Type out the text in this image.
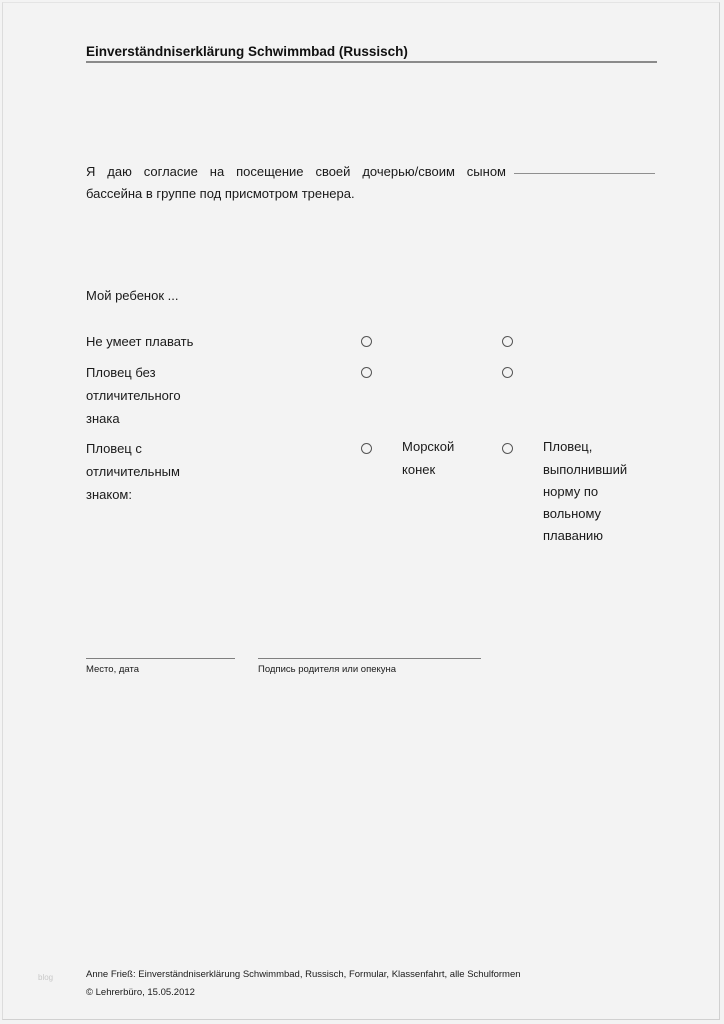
Einverständniserklärung Schwimmbad (Russisch)
Я даю согласие на посещение своей дочерью/своим сыном
бассейна в группе под присмотром тренера.
Мой ребенок ...
Не умеет плавать
Пловец без
отличительного
знака
Пловец с
отличительным
знаком:
Морской
конек
Пловец,
выполнивший
норму по
вольному
плаванию
Место, дата	Подпись родителя или опекуна
blog	Anne Frieß: Einverständniserklärung Schwimmbad, Russisch, Formular, Klassenfahrt, alle Schulformen
© Lehrerbüro, 15.05.2012
